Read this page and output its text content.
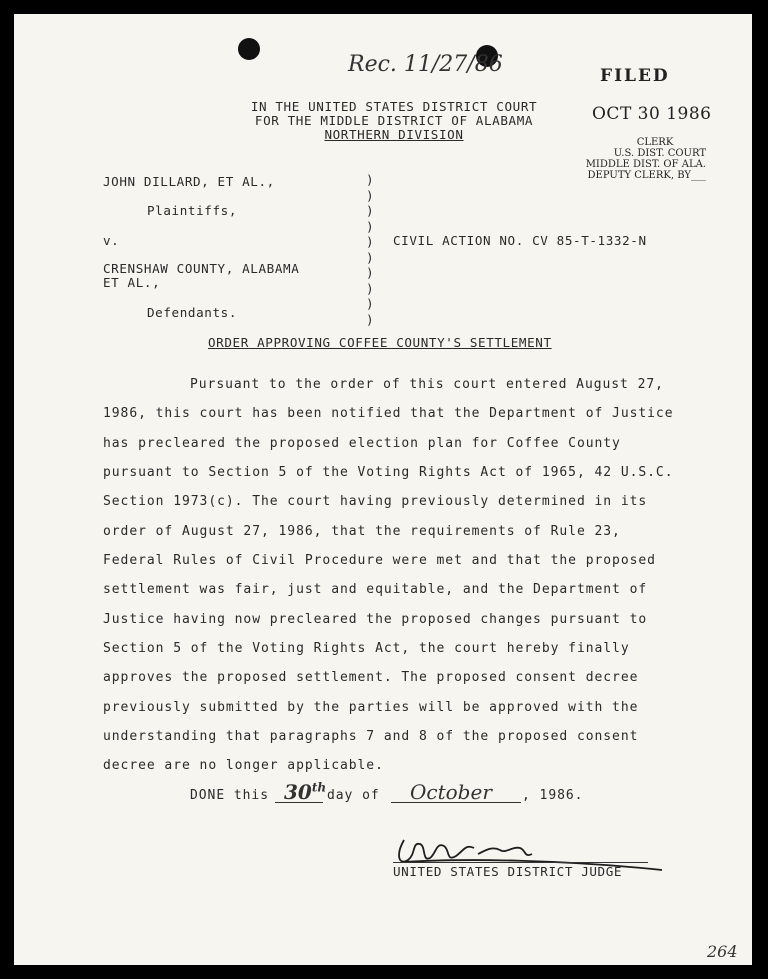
Rec. 11/27/86	FILED
OCT 30 1986
CLERK
U.S. DIST. COURT
MIDDLE DIST. OF ALA.
DEPUTY CLERK, BY___
IN THE UNITED STATES DISTRICT COURT
FOR THE MIDDLE DISTRICT OF ALABAMA
NORTHERN DIVISION
JOHN DILLARD, ET AL.,
Plaintiffs,
v.
CRENSHAW COUNTY, ALABAMA
ET AL.,
Defendants.
)
)
)
)
)
)
)
)
)
)
CIVIL ACTION NO. CV 85-T-1332-N
ORDER APPROVING COFFEE COUNTY'S SETTLEMENT
Pursuant to the order of this court entered August 27,
1986, this court has been notified that the Department of Justice
has precleared the proposed election plan for Coffee County
pursuant to Section 5 of the Voting Rights Act of 1965, 42 U.S.C.
Section 1973(c). The court having previously determined in its
order of August 27, 1986, that the requirements of Rule 23,
Federal Rules of Civil Procedure were met and that the proposed
settlement was fair, just and equitable, and the Department of
Justice having now precleared the proposed changes pursuant to
Section 5 of the Voting Rights Act, the court hereby finally
approves the proposed settlement. The proposed consent decree
previously submitted by the parties will be approved with the
understanding that paragraphs 7 and 8 of the proposed consent
decree are no longer applicable.
DONE this 30th
day of October , 1986.
UNITED STATES DISTRICT JUDGE
264
